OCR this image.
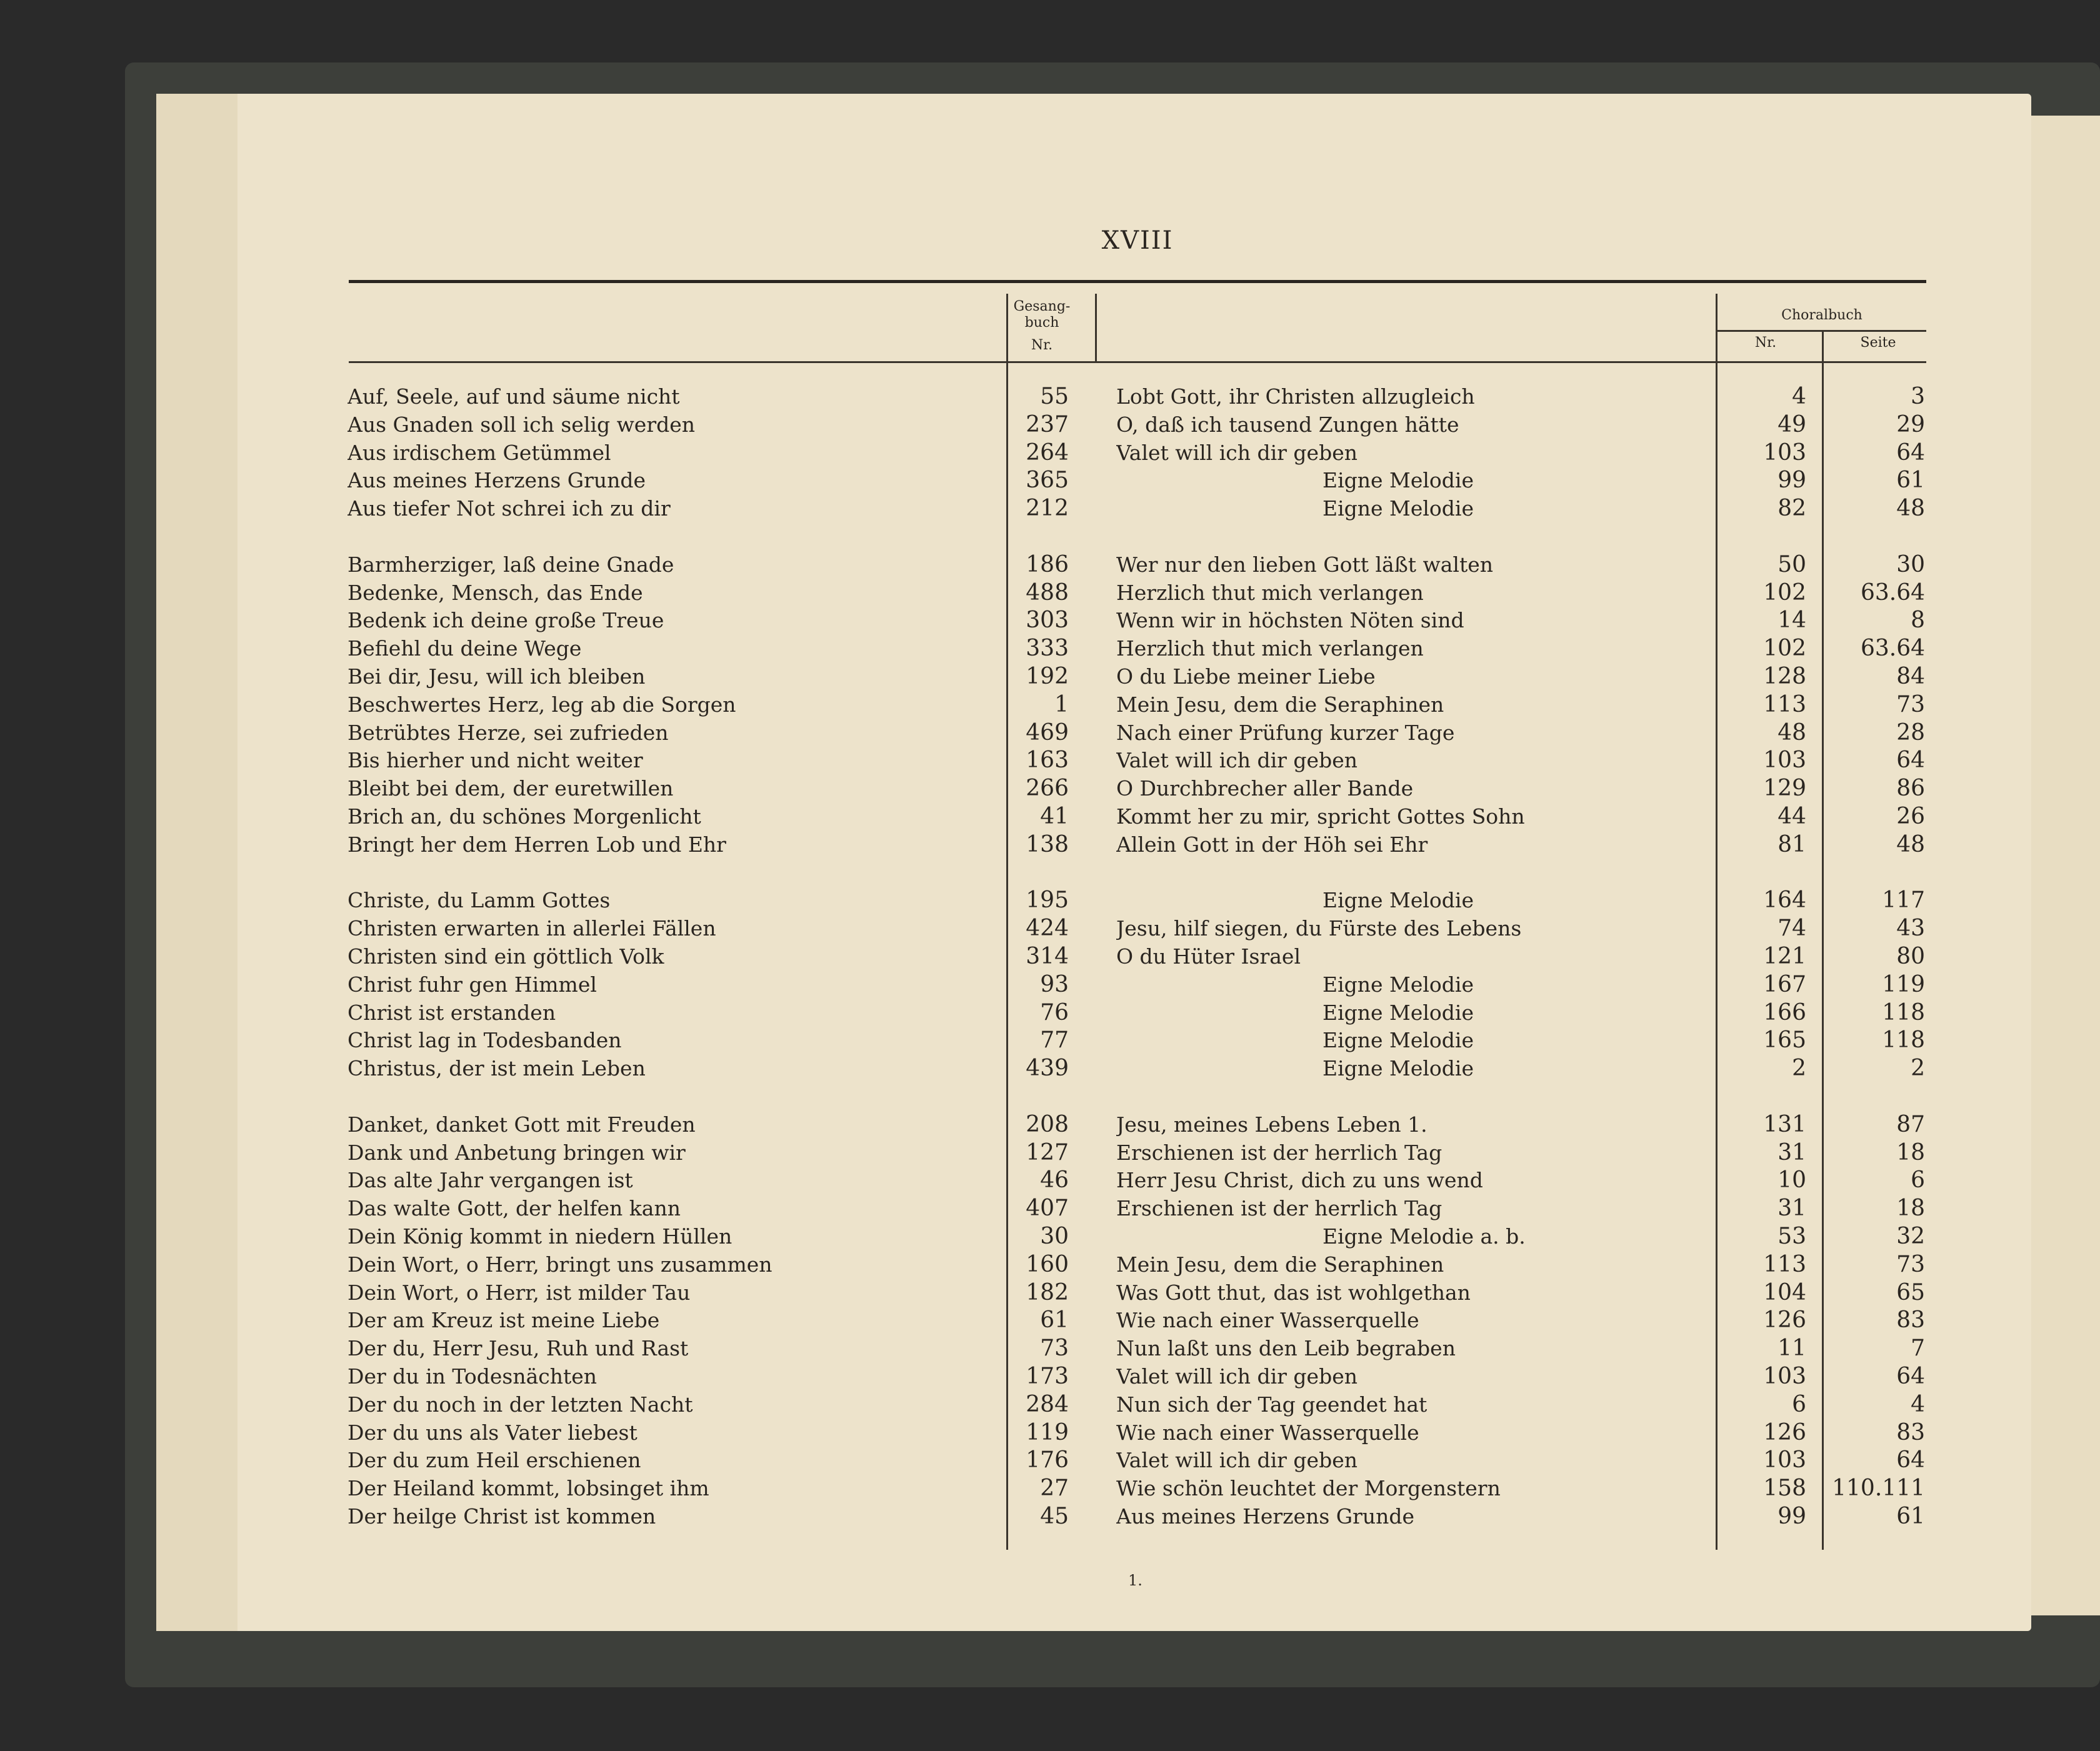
XVIII
Gesang-buch
Nr.
Choralbuch
Nr.	Seite
Auf, Seele, auf und säume nicht	55 Lobt Gott, ihr Christen allzugleich	4	3
Aus Gnaden soll ich selig werden	237 O, daß ich tausend Zungen hätte	49	29
Aus irdischem Getümmel	264 Valet will ich dir geben	103	64
Aus meines Herzens Grunde	365	Eigne Melodie	99	61
Aus tiefer Not schrei ich zu dir	212	Eigne Melodie	82	48
Barmherziger, laß deine Gnade	186 Wer nur den lieben Gott läßt walten	50	30
Bedenke, Mensch, das Ende	488 Herzlich thut mich verlangen	102	63.64
Bedenk ich deine große Treue	303 Wenn wir in höchsten Nöten sind	14	8
Befiehl du deine Wege	333 Herzlich thut mich verlangen	102	63.64
Bei dir, Jesu, will ich bleiben	192 O du Liebe meiner Liebe	128	84
Beschwertes Herz, leg ab die Sorgen	1 Mein Jesu, dem die Seraphinen	113	73
Betrübtes Herze, sei zufrieden	469 Nach einer Prüfung kurzer Tage	48	28
Bis hierher und nicht weiter	163 Valet will ich dir geben	103	64
Bleibt bei dem, der euretwillen	266 O Durchbrecher aller Bande	129	86
Brich an, du schönes Morgenlicht	41 Kommt her zu mir, spricht Gottes Sohn	44	26
Bringt her dem Herren Lob und Ehr	138 Allein Gott in der Höh sei Ehr	81	48
Christe, du Lamm Gottes	195	Eigne Melodie	164	117
Christen erwarten in allerlei Fällen	424 Jesu, hilf siegen, du Fürste des Lebens	74	43
Christen sind ein göttlich Volk	314 O du Hüter Israel	121	80
Christ fuhr gen Himmel	93	Eigne Melodie	167	119
Christ ist erstanden	76	Eigne Melodie	166	118
Christ lag in Todesbanden	77	Eigne Melodie	165	118
Christus, der ist mein Leben	439	Eigne Melodie	2	2
Danket, danket Gott mit Freuden	208 Jesu, meines Lebens Leben 1.	131	87
Dank und Anbetung bringen wir	127 Erschienen ist der herrlich Tag	31	18
Das alte Jahr vergangen ist	46 Herr Jesu Christ, dich zu uns wend	10	6
Das walte Gott, der helfen kann	407 Erschienen ist der herrlich Tag	31	18
Dein König kommt in niedern Hüllen	30	Eigne Melodie a. b.	53	32
Dein Wort, o Herr, bringt uns zusammen	160 Mein Jesu, dem die Seraphinen	113	73
Dein Wort, o Herr, ist milder Tau	182 Was Gott thut, das ist wohlgethan	104	65
Der am Kreuz ist meine Liebe	61 Wie nach einer Wasserquelle	126	83
Der du, Herr Jesu, Ruh und Rast	73 Nun laßt uns den Leib begraben	11	7
Der du in Todesnächten	173 Valet will ich dir geben	103	64
Der du noch in der letzten Nacht	284 Nun sich der Tag geendet hat	6	4
Der du uns als Vater liebest	119 Wie nach einer Wasserquelle	126	83
Der du zum Heil erschienen	176 Valet will ich dir geben	103	64
Der Heiland kommt, lobsinget ihm	27 Wie schön leuchtet der Morgenstern	158	110.111
Der heilge Christ ist kommen	45 Aus meines Herzens Grunde	99	61
1.
